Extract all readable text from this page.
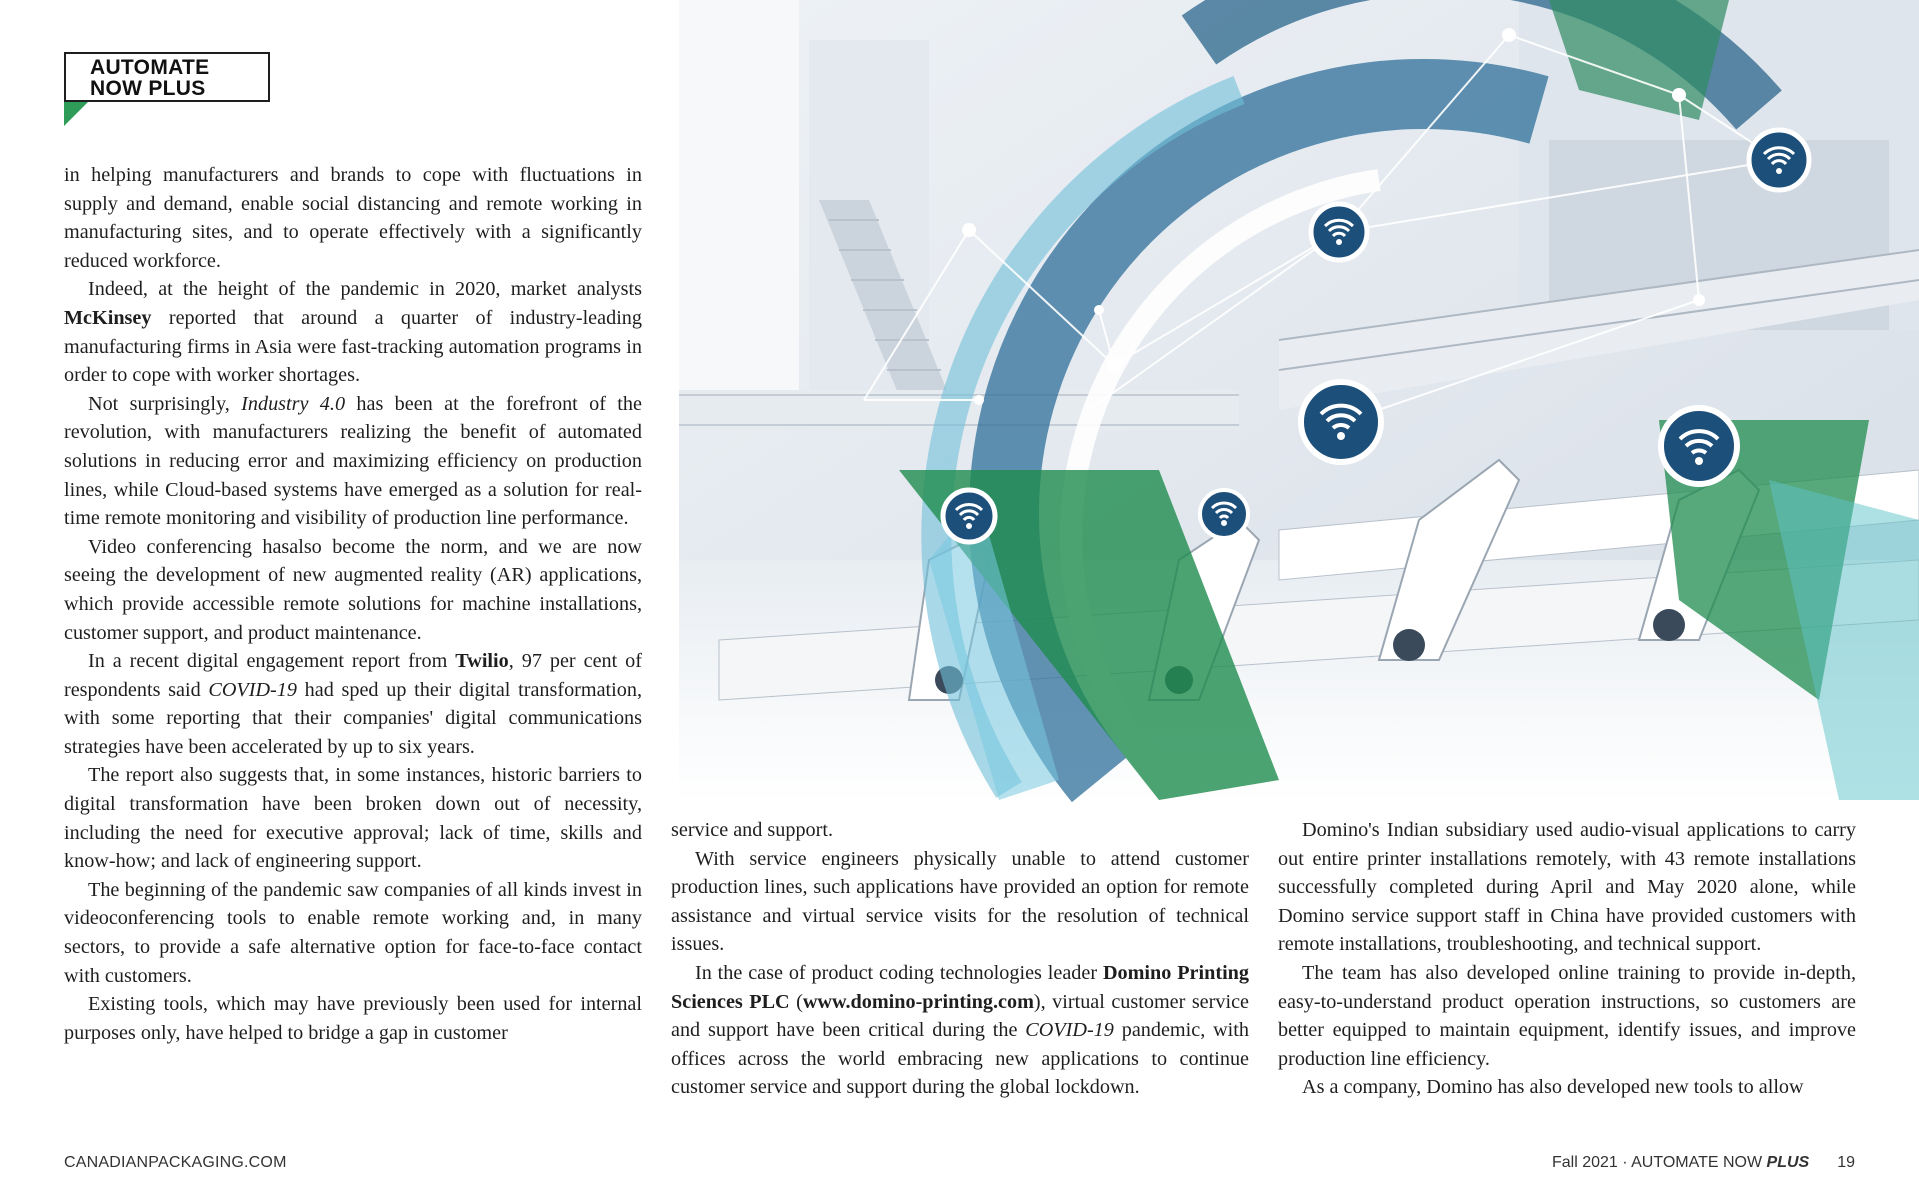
AUTOMATE
NOW PLUS

in helping manufacturers and brands to cope with fluctuations in supply and demand, enable social distancing and remote working in manufacturing sites, and to operate effectively with a significantly reduced workforce.

Indeed, at the height of the pandemic in 2020, market analysts McKinsey reported that around a quarter of industry-leading manufacturing firms in Asia were fast-tracking automation programs in order to cope with worker shortages.

Not surprisingly, Industry 4.0 has been at the forefront of the revolution, with manufacturers realizing the benefit of automated solutions in reducing error and maximizing efficiency on production lines, while Cloud-based systems have emerged as a solution for real-time remote monitoring and visibility of production line performance.

Video conferencing hasalso become the norm, and we are now seeing the development of new augmented reality (AR) applications, which provide accessible remote solutions for machine installations, customer support, and product maintenance.

In a recent digital engagement report from Twilio, 97 per cent of respondents said COVID-19 had sped up their digital transformation, with some reporting that their companies' digital communications strategies have been accelerated by up to six years.

The report also suggests that, in some instances, historic barriers to digital transformation have been broken down out of necessity, including the need for executive approval; lack of time, skills and know-how; and lack of engineering support.

The beginning of the pandemic saw companies of all kinds invest in videoconferencing tools to enable remote working and, in many sectors, to provide a safe alternative option for face-to-face contact with customers.

Existing tools, which may have previously been used for internal purposes only, have helped to bridge a gap in customer

service and support.

With service engineers physically unable to attend customer production lines, such applications have provided an option for remote assistance and virtual service visits for the resolution of technical issues.

In the case of product coding technologies leader Domino Printing Sciences PLC (www.domino-printing.com), virtual customer service and support have been critical during the COVID-19 pandemic, with offices across the world embracing new applications to continue customer service and support during the global lockdown.

Domino's Indian subsidiary used audio-visual applications to carry out entire printer installations remotely, with 43 remote installations successfully completed during April and May 2020 alone, while Domino service support staff in China have provided customers with remote installations, troubleshooting, and technical support.

The team has also developed online training to provide in-depth, easy-to-understand product operation instructions, so customers are better equipped to maintain equipment, identify issues, and improve production line efficiency.

As a company, Domino has also developed new tools to allow

CANADIANPACKAGING.COM	Fall 2021 · AUTOMATE NOW PLUS 19
